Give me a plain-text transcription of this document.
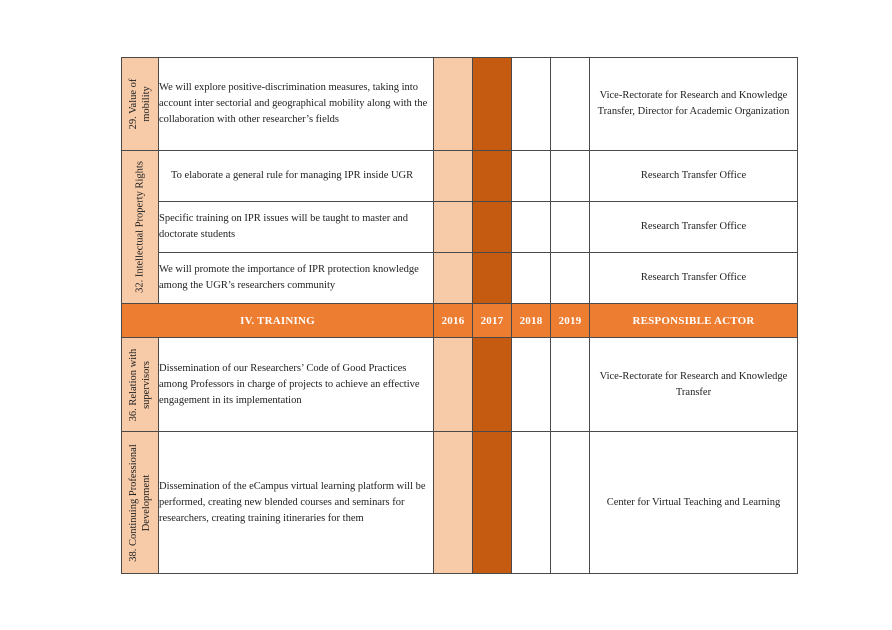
29. Value of mobility	We will explore positive-discrimination measures, taking into account inter sectorial and geographical mobility along with the collaboration with other researcher’s fields					Vice-Rectorate for Research and Knowledge Transfer, Director for Academic Organization

32. Intellectual Property Rights	To elaborate a general rule for managing IPR inside UGR					Research Transfer Office
	Specific training on IPR issues will be taught to master and doctorate students					Research Transfer Office
	We will promote the importance of IPR protection knowledge among the UGR’s researchers community					Research Transfer Office
IV. TRAINING		2016	2017	2018	2019	RESPONSIBLE ACTOR

36. Relation with supervisors	Dissemination of our Researchers’ Code of Good Practices among Professors in charge of projects to achieve an effective engagement in its implementation					Vice-Rectorate for Research and Knowledge Transfer

38. Continuing Professional Development	Dissemination of the eCampus virtual learning platform will be performed, creating new blended courses and seminars for researchers, creating training itineraries for them					Center for Virtual Teaching and Learning
